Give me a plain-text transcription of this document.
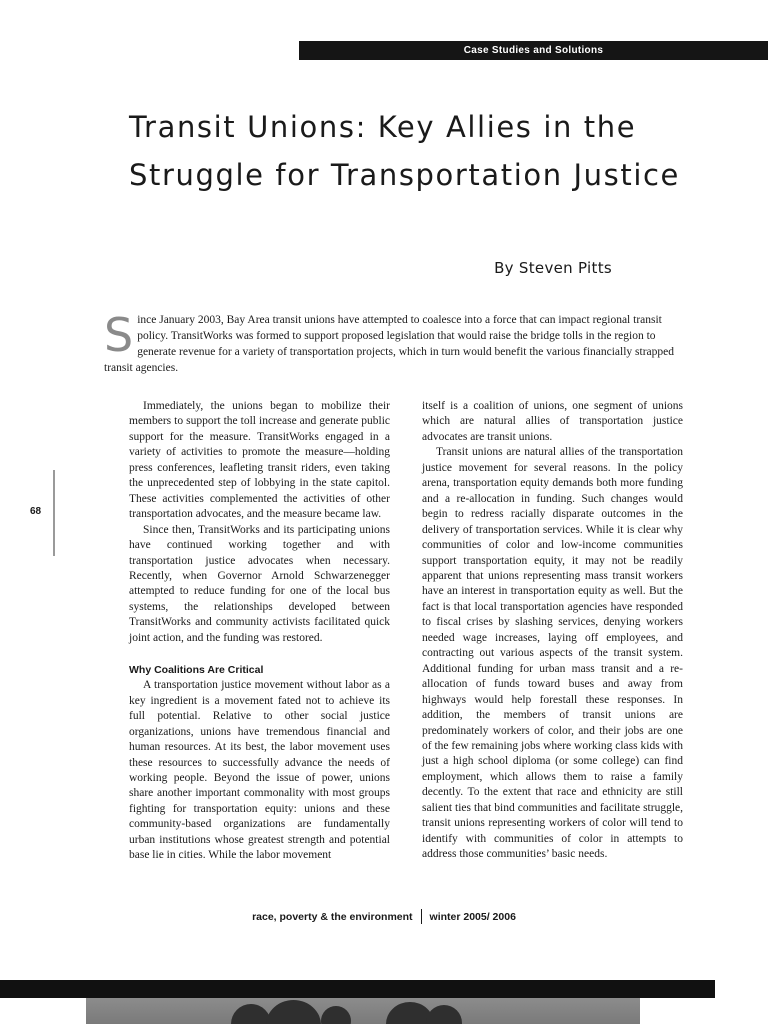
Case Studies and Solutions
Transit Unions: Key Allies in the
Struggle for Transportation Justice
By Steven Pitts
S ince January 2003, Bay Area transit unions have attempted to coalesce into a force that can impact regional transit policy. TransitWorks was formed to support proposed legislation that would raise the bridge tolls in the region to generate revenue for a variety of transportation projects, which in turn would benefit the various financially strapped transit agencies.
68

Immediately, the unions began to mobilize their members to support the toll increase and generate public support for the measure. TransitWorks engaged in a variety of activities to promote the measure—holding press conferences, leafleting transit riders, even taking the unprecedented step of lobbying in the state capitol. These activities complemented the activities of other transportation advocates, and the measure became law.

Since then, TransitWorks and its participating unions have continued working together and with transportation justice advocates when necessary. Recently, when Governor Arnold Schwarzenegger attempted to reduce funding for one of the local bus systems, the relationships developed between TransitWorks and community activists facilitated quick joint action, and the funding was restored.

Why Coalitions Are Critical

A transportation justice movement without labor as a key ingredient is a movement fated not to achieve its full potential. Relative to other social justice organizations, unions have tremendous financial and human resources. At its best, the labor movement uses these resources to successfully advance the needs of working people. Beyond the issue of power, unions share another important commonality with most groups fighting for transportation equity: unions and these community-based organizations are fundamentally urban institutions whose greatest strength and potential base lie in cities. While the labor movement

itself is a coalition of unions, one segment of unions which are natural allies of transportation justice advocates are transit unions.

Transit unions are natural allies of the transportation justice movement for several reasons. In the policy arena, transportation equity demands both more funding and a re-allocation in funding. Such changes would begin to redress racially disparate outcomes in the delivery of transportation services. While it is clear why communities of color and low-income communities support transportation equity, it may not be readily apparent that unions representing mass transit workers have an interest in transportation equity as well. But the fact is that local transportation agencies have responded to fiscal crises by slashing services, denying workers needed wage increases, laying off employees, and contracting out various aspects of the transit system. Additional funding for urban mass transit and a re-allocation of funds toward buses and away from highways would help forestall these responses. In addition, the members of transit unions are predominately workers of color, and their jobs are one of the few remaining jobs where working class kids with just a high school diploma (or some college) can find employment, which allows them to raise a family decently. To the extent that race and ethnicity are still salient ties that bind communities and facilitate struggle, transit unions representing workers of color will tend to identify with communities of color in attempts to address those communities’ basic needs.

race, poverty & the environment winter 2005/ 2006
